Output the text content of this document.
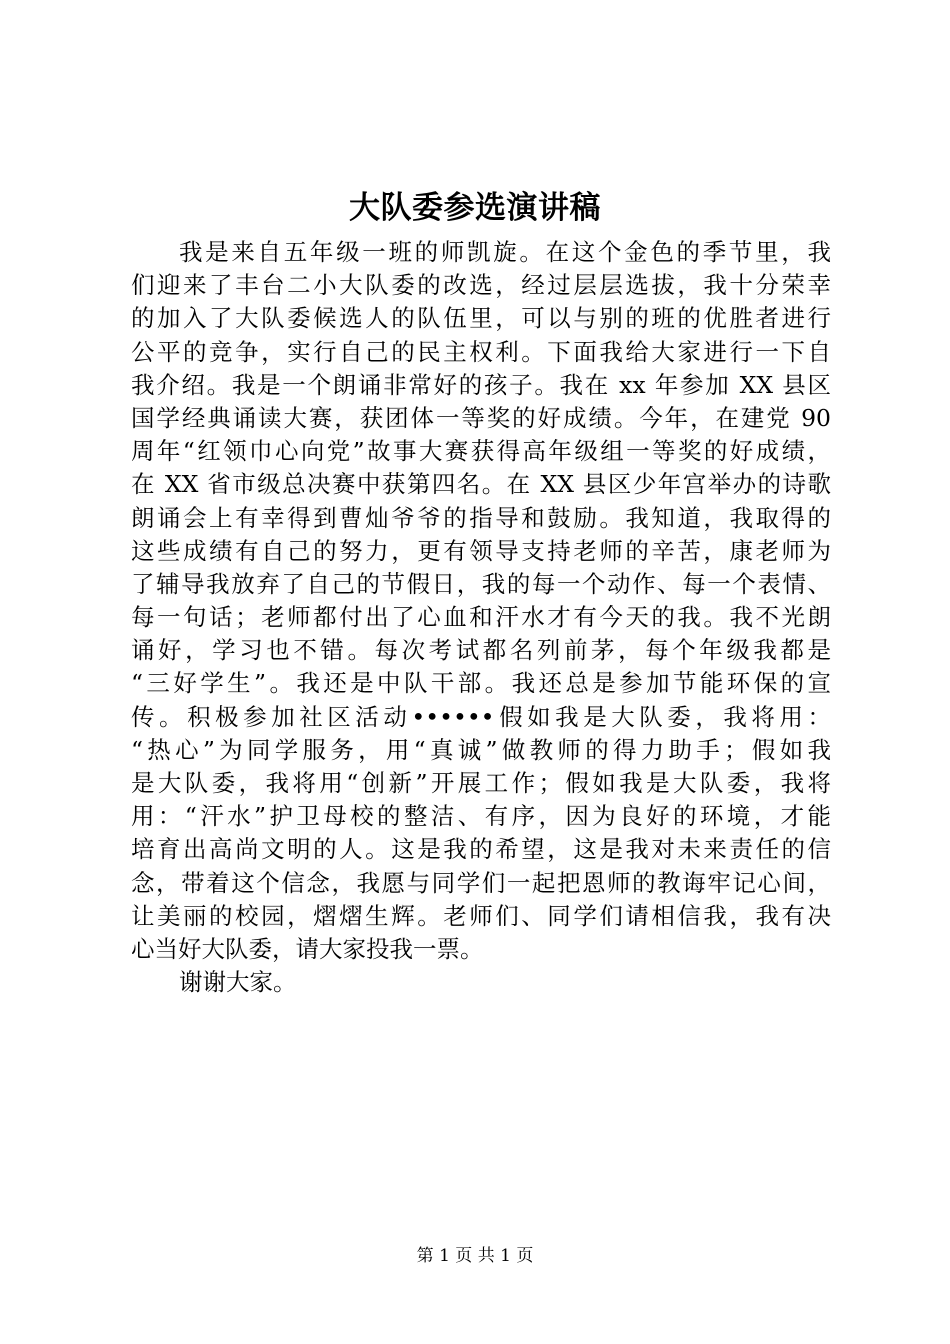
大队委参选演讲稿
我是来自五年级一班的师凯旋。在这个金色的季节里，我
们迎来了丰台二小大队委的改选，经过层层选拔，我十分荣幸
的加入了大队委候选人的队伍里，可以与别的班的优胜者进行
公平的竞争，实行自己的民主权利。下面我给大家进行一下自
我介绍。我是一个朗诵非常好的孩子。我在 xx 年参加 XX 县区
国学经典诵读大赛，获团体一等奖的好成绩。今年，在建党 90
周年“红领巾心向党”故事大赛获得高年级组一等奖的好成绩，
在 XX 省市级总决赛中获第四名。在 XX 县区少年宫举办的诗歌
朗诵会上有幸得到曹灿爷爷的指导和鼓励。我知道，我取得的
这些成绩有自己的努力，更有领导支持老师的辛苦，康老师为
了辅导我放弃了自己的节假日，我的每一个动作、每一个表情、
每一句话；老师都付出了心血和汗水才有今天的我。我不光朗
诵好，学习也不错。每次考试都名列前茅，每个年级我都是
“三好学生”。我还是中队干部。我还总是参加节能环保的宣
传。积极参加社区活动••••••假如我是大队委，我将用：
“热心”为同学服务，用“真诚”做教师的得力助手；假如我
是大队委，我将用“创新”开展工作；假如我是大队委，我将
用：“汗水”护卫母校的整洁、有序，因为良好的环境，才能
培育出高尚文明的人。这是我的希望，这是我对未来责任的信
念，带着这个信念，我愿与同学们一起把恩师的教诲牢记心间，
让美丽的校园，熠熠生辉。老师们、同学们请相信我，我有决
心当好大队委，请大家投我一票。
谢谢大家。
第 1 页 共 1 页
